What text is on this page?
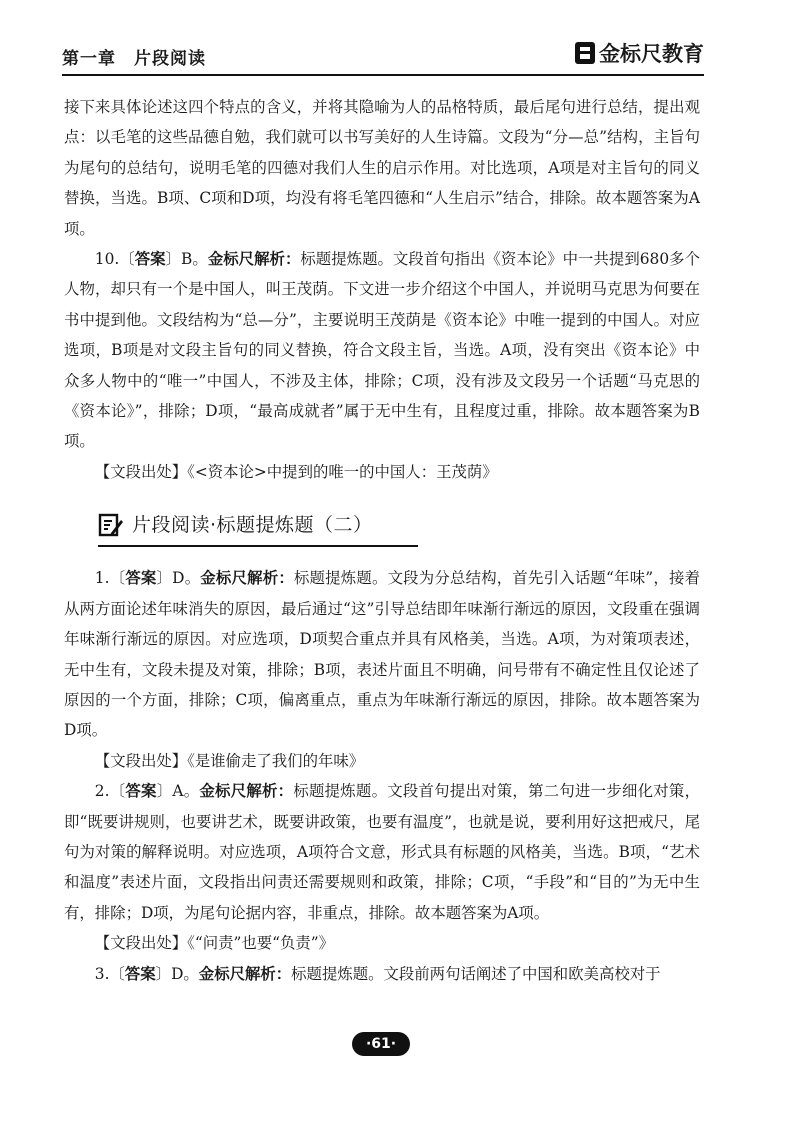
第一章　片段阅读	金标尺教育

接下来具体论述这四个特点的含义，并将其隐喻为人的品格特质，最后尾句进行总结，提出观点：以毛笔的这些品德自勉，我们就可以书写美好的人生诗篇。文段为“分—总”结构，主旨句为尾句的总结句，说明毛笔的四德对我们人生的启示作用。对比选项，A项是对主旨句的同义替换，当选。B项、C项和D项，均没有将毛笔四德和“人生启示”结合，排除。故本题答案为A项。

10.〔答案〕B。金标尺解析：标题提炼题。文段首句指出《资本论》中一共提到680多个人物，却只有一个是中国人，叫王茂荫。下文进一步介绍这个中国人，并说明马克思为何要在书中提到他。文段结构为“总—分”，主要说明王茂荫是《资本论》中唯一提到的中国人。对应选项，B项是对文段主旨句的同义替换，符合文段主旨，当选。A项，没有突出《资本论》中众多人物中的“唯一”中国人，不涉及主体，排除；C项，没有涉及文段另一个话题“马克思的《资本论》”，排除；D项，“最高成就者”属于无中生有，且程度过重，排除。故本题答案为B项。

【文段出处】《<资本论>中提到的唯一的中国人：王茂荫》

片段阅读·标题提炼题（二）

1.〔答案〕D。金标尺解析：标题提炼题。文段为分总结构，首先引入话题“年味”，接着从两方面论述年味消失的原因，最后通过“这”引导总结即年味渐行渐远的原因，文段重在强调年味渐行渐远的原因。对应选项，D项契合重点并具有风格美，当选。A项，为对策项表述，无中生有，文段未提及对策，排除；B项，表述片面且不明确，问号带有不确定性且仅论述了原因的一个方面，排除；C项，偏离重点，重点为年味渐行渐远的原因，排除。故本题答案为D项。

【文段出处】《是谁偷走了我们的年味》

2.〔答案〕A。金标尺解析：标题提炼题。文段首句提出对策，第二句进一步细化对策，即“既要讲规则，也要讲艺术，既要讲政策，也要有温度”，也就是说，要利用好这把戒尺，尾句为对策的解释说明。对应选项，A项符合文意，形式具有标题的风格美，当选。B项，“艺术和温度”表述片面，文段指出问责还需要规则和政策，排除；C项，“手段”和“目的”为无中生有，排除；D项，为尾句论据内容，非重点，排除。故本题答案为A项。

【文段出处】《“问责”也要“负责”》

3.〔答案〕D。金标尺解析：标题提炼题。文段前两句话阐述了中国和欧美高校对于

·61·
